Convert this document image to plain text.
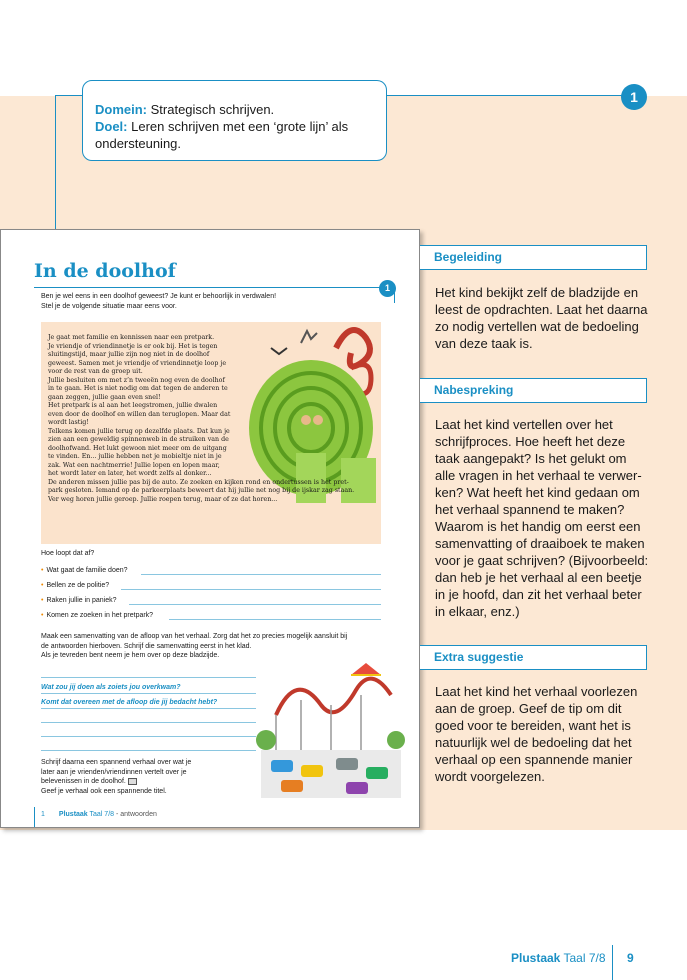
Domein: Strategisch schrijven.
Doel: Leren schrijven met een ‘grote lijn’ als
ondersteuning.
1
In de doolhof
1
Ben je wel eens in een doolhof geweest? Je kunt er behoorlijk in verdwalen!
Stel je de volgende situatie maar eens voor.
Je gaat met familie en kennissen naar een pretpark.
Je vriendje of vriendinnetje is er ook bij. Het is tegen
sluitingstijd, maar jullie zijn nog niet in de doolhof
geweest. Samen met je vriendje of vriendinnetje loop je
voor de rest van de groep uit.
Jullie besluiten om met z’n tweeën nog even de doolhof
in te gaan. Het is niet nodig om dat tegen de anderen te
gaan zeggen, jullie gaan even snel!
Het pretpark is al aan het leegstromen, jullie dwalen
even door de doolhof en willen dan teruglopen. Maar dat
wordt lastig!
Telkens komen jullie terug op dezelfde plaats. Dat kun je
zien aan een geweldig spinnenweb in de struiken van de
doolhofwand. Het lukt gewoon niet meer om de uitgang
te vinden. En... jullie hebben net je mobieltje niet in je
zak. Wat een nachtmerrie! Jullie lopen en lopen maar,
het wordt later en later, het wordt zelfs al donker...
De anderen missen jullie pas bij de auto. Ze zoeken en kijken rond en ondertussen is het pret-
park gesloten. Iemand op de parkeerplaats beweert dat hij jullie net nog bij de ijskar zag staan.
Ver weg horen jullie geroep. Jullie roepen terug, maar of ze dat horen...
Hoe loopt dat af?
• Wat gaat de familie doen?
• Bellen ze de politie?
• Raken jullie in paniek?
• Komen ze zoeken in het pretpark?
Maak een samenvatting van de afloop van het verhaal. Zorg dat het zo precies mogelijk aansluit bij
de antwoorden hierboven. Schrijf die samenvatting eerst in het klad.
Als je tevreden bent neem je hem over op deze bladzijde.
Wat zou jij doen als zoiets jou overkwam?
Komt dat overeen met de afloop die jij bedacht hebt?
Schrijf daarna een spannend verhaal over wat je
later aan je vrienden/vriendinnen vertelt over je
belevenissen in de doolhof.
Geef je verhaal ook een spannende titel.
1 Plustaak Taal 7/8 - antwoorden
Begeleiding
Het kind bekijkt zelf de bladzijde en
leest de opdrachten. Laat het daarna
zo nodig vertellen wat de bedoeling
van deze taak is.
Nabespreking
Laat het kind vertellen over het
schrijfproces. Hoe heeft het deze
taak aangepakt? Is het gelukt om
alle vragen in het verhaal te verwer-
ken? Wat heeft het kind gedaan om
het verhaal spannend te maken?
Waarom is het handig om eerst een
samenvatting of draaiboek te maken
voor je gaat schrijven? (Bijvoorbeeld:
dan heb je het verhaal al een beetje
in je hoofd, dan zit het verhaal beter
in elkaar, enz.)
Extra suggestie
Laat het kind het verhaal voorlezen
aan de groep. Geef de tip om dit
goed voor te bereiden, want het is
natuurlijk wel de bedoeling dat het
verhaal op een spannende manier
wordt voorgelezen.
Plustaak Taal 7/8 9
